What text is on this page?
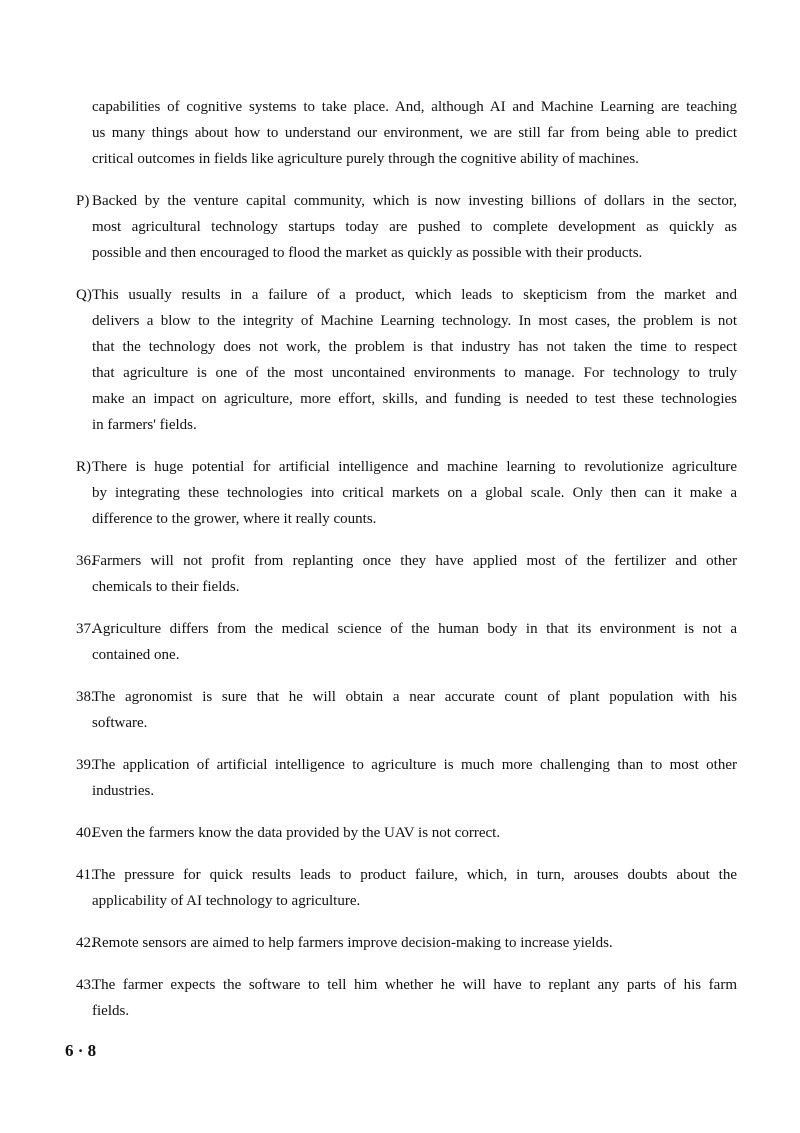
capabilities of cognitive systems to take place. And, although AI and Machine Learning are teaching
us many things about how to understand our environment, we are still far from being able to predict
critical outcomes in fields like agriculture purely through the cognitive ability of machines.
P) Backed by the venture capital community, which is now investing billions of dollars in the sector,
most agricultural technology startups today are pushed to complete development as quickly as
possible and then encouraged to flood the market as quickly as possible with their products.
Q) This usually results in a failure of a product, which leads to skepticism from the market and
delivers a blow to the integrity of Machine Learning technology. In most cases, the problem is not
that the technology does not work, the problem is that industry has not taken the time to respect
that agriculture is one of the most uncontained environments to manage. For technology to truly
make an impact on agriculture, more effort, skills, and funding is needed to test these technologies
in farmers' fields.
R) There is huge potential for artificial intelligence and machine learning to revolutionize agriculture
by integrating these technologies into critical markets on a global scale. Only then can it make a
difference to the grower, where it really counts.
36.
Farmers will not profit from replanting once they have applied most of the fertilizer and other
chemicals to their fields.
37.
Agriculture differs from the medical science of the human body in that its environment is not a
contained one.
38.
The agronomist is sure that he will obtain a near accurate count of plant population with his
software.
39.
The application of artificial intelligence to agriculture is much more challenging than to most other
industries.
40.
Even the farmers know the data provided by the UAV is not correct.
41.
The pressure for quick results leads to product failure, which, in turn, arouses doubts about the
applicability of AI technology to agriculture.
42.
Remote sensors are aimed to help farmers improve decision-making to increase yields.
43.
The farmer expects the software to tell him whether he will have to replant any parts of his farm
fields.
6 · 8
